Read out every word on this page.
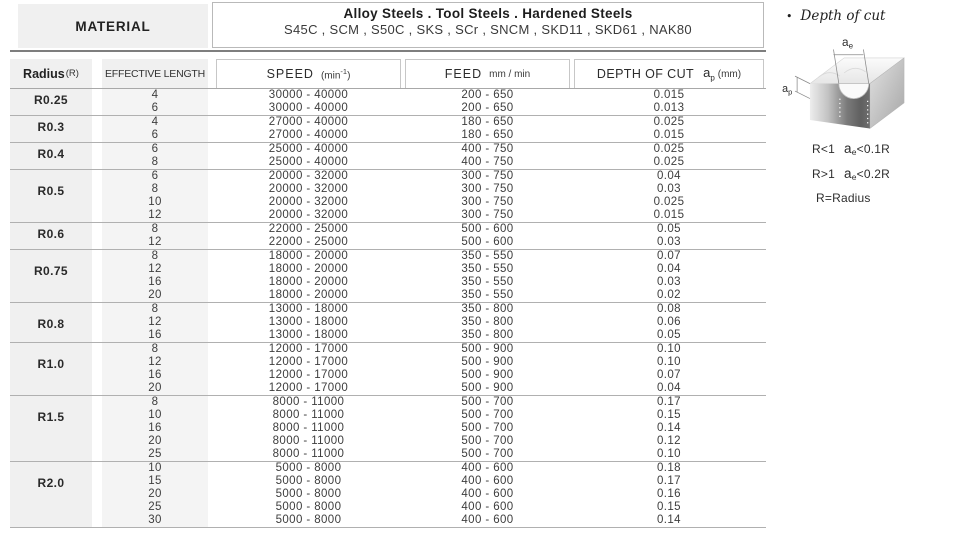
MATERIAL
Alloy Steels . Tool Steels . Hardened Steels
S45C , SCM , S50C , SKS , SCr , SNCM , SKD11 , SKD61 , NAK80
Radius (R)		EFFECTIVE LENGTH		SPEED $(\min^{-1})$	FEED mm / min	DEPTH OF CUT $a_p$ (mm)

R0.25		4		30000 - 40000	200 - 650	0.015
		6		30000 - 40000	200 - 650	0.013
R0.3		4		27000 - 40000	180 - 650	0.025
		6		27000 - 40000	180 - 650	0.015
R0.4		6		25000 - 40000	400 - 750	0.025
		8		25000 - 40000	400 - 750	0.025
R0.5		6		20000 - 32000	300 - 750	0.04
		8		20000 - 32000	300 - 750	0.03
		10		20000 - 32000	300 - 750	0.025
		12		20000 - 32000	300 - 750	0.015
R0.6		8		22000 - 25000	500 - 600	0.05
		12		22000 - 25000	500 - 600	0.03
R0.75		8		18000 - 20000	350 - 550	0.07
		12		18000 - 20000	350 - 550	0.04
		16		18000 - 20000	350 - 550	0.03
		20		18000 - 20000	350 - 550	0.02
R0.8		8		13000 - 18000	350 - 800	0.08
		12		13000 - 18000	350 - 800	0.06
		16		13000 - 18000	350 - 800	0.05
R1.0		8		12000 - 17000	500 - 900	0.10
		12		12000 - 17000	500 - 900	0.10
		16		12000 - 17000	500 - 900	0.07
		20		12000 - 17000	500 - 900	0.04
R1.5		8		8000 - 11000	500 - 700	0.17
		10		8000 - 11000	500 - 700	0.15
		16		8000 - 11000	500 - 700	0.14
		20		8000 - 11000	500 - 700	0.12
		25		8000 - 11000	500 - 700	0.10
R2.0		10		5000 - 8000	400 - 600	0.18
		15		5000 - 8000	400 - 600	0.17
		20		5000 - 8000	400 - 600	0.16
		25		5000 - 8000	400 - 600	0.15
		30		5000 - 8000	400 - 600	0.14
• Depth of cut
ae
$a_p$
R<1 ae<0.1R
R>1 ae<0.2R
R=Radius
